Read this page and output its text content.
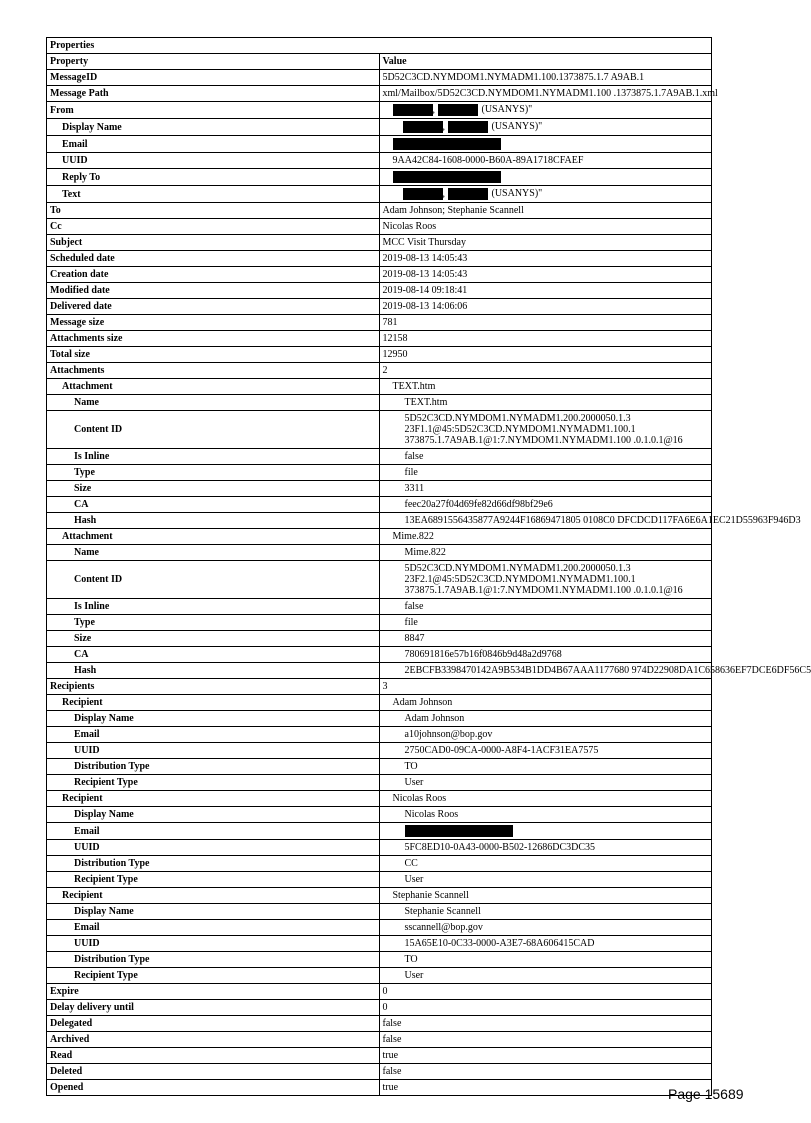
Properties	
Property	Value
MessageID	5D52C3CD.NYMDOM1.NYMADM1.100.1373875.1.7 A9AB.1
Message Path	xml/Mailbox/5D52C3CD.NYMDOM1.NYMADM1.100 .1373875.1.7A9AB.1.xml
From	, (USANYS)"
Display Name	, (USANYS)"
Email	
UUID	9AA42C84-1608-0000-B60A-89A1718CFAEF
Reply To	
Text	, (USANYS)"
To	Adam Johnson; Stephanie Scannell
Cc	Nicolas Roos
Subject	MCC Visit Thursday
Scheduled date	2019-08-13 14:05:43
Creation date	2019-08-13 14:05:43
Modified date	2019-08-14 09:18:41
Delivered date	2019-08-13 14:06:06
Message size	781
Attachments size	12158
Total size	12950
Attachments	2
Attachment	TEXT.htm
Name	TEXT.htm
Content ID	5D52C3CD.NYMDOM1.NYMADM1.200.2000050.1.3
23F1.1@45:5D52C3CD.NYMDOM1.NYMADM1.100.1
373875.1.7A9AB.1@1:7.NYMDOM1.NYMADM1.100 .0.1.0.1@16

Is Inline	false
Type	file
Size	3311
CA	feec20a27f04d69fe82d66df98bf29e6
Hash	13EA6891556435877A9244F16869471805 0108C0 DFCDCD117FA6E6A1EC21D55963F946D3
Attachment	Mime.822
Name	Mime.822
Content ID	5D52C3CD.NYMDOM1.NYMADM1.200.2000050.1.3
23F2.1@45:5D52C3CD.NYMDOM1.NYMADM1.100.1
373875.1.7A9AB.1@1:7.NYMDOM1.NYMADM1.100 .0.1.0.1@16

Is Inline	false
Type	file
Size	8847
CA	780691816e57b16f0846b9d48a2d9768
Hash	2EBCFB3398470142A9B534B1DD4B67AAA1177680 974D22908DA1C658636EF7DCE6DF56C5
Recipients	3
Recipient	Adam Johnson
Display Name	Adam Johnson
Email	a10johnson@bop.gov
UUID	2750CAD0-09CA-0000-A8F4-1ACF31EA7575
Distribution Type	TO
Recipient Type	User
Recipient	Nicolas Roos
Display Name	Nicolas Roos
Email	
UUID	5FC8ED10-0A43-0000-B502-12686DC3DC35
Distribution Type	CC
Recipient Type	User
Recipient	Stephanie Scannell
Display Name	Stephanie Scannell
Email	sscannell@bop.gov
UUID	15A65E10-0C33-0000-A3E7-68A606415CAD
Distribution Type	TO
Recipient Type	User
Expire	0
Delay delivery until	0
Delegated	false
Archived	false
Read	true
Deleted	false
Opened	true	Page 15689
